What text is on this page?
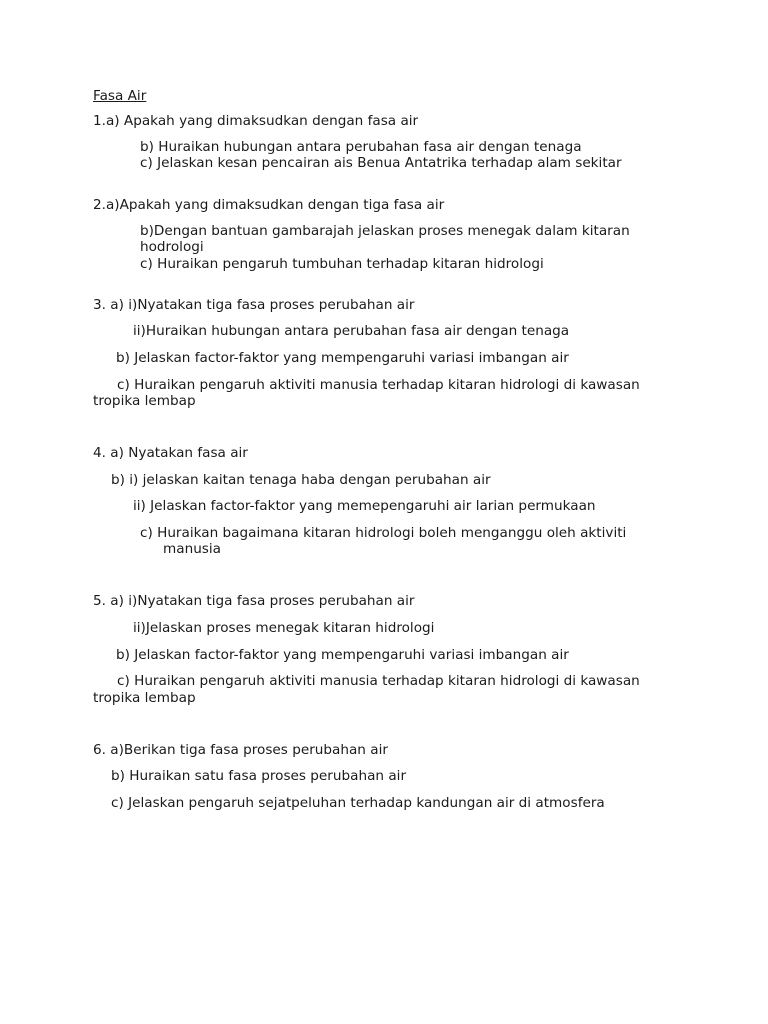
Fasa Air
1.a) Apakah yang dimaksudkan dengan fasa air
b) Huraikan hubungan antara perubahan fasa air dengan tenaga
c) Jelaskan kesan pencairan ais Benua Antatrika terhadap alam sekitar
2.a)Apakah yang dimaksudkan dengan tiga fasa air
b)Dengan bantuan gambarajah jelaskan proses menegak dalam kitaran
hodrologi
c) Huraikan pengaruh tumbuhan terhadap kitaran hidrologi
3. a) i)Nyatakan tiga fasa proses perubahan air
ii)Huraikan hubungan antara perubahan fasa air dengan tenaga
b) Jelaskan factor-faktor yang mempengaruhi variasi imbangan air
c) Huraikan pengaruh aktiviti manusia terhadap kitaran hidrologi di kawasan
tropika lembap
4. a) Nyatakan fasa air
b) i) jelaskan kaitan tenaga haba dengan perubahan air
ii) Jelaskan factor-faktor yang memepengaruhi air larian permukaan
c) Huraikan bagaimana kitaran hidrologi boleh menganggu oleh aktiviti
manusia
5. a) i)Nyatakan tiga fasa proses perubahan air
ii)Jelaskan proses menegak kitaran hidrologi
b) Jelaskan factor-faktor yang mempengaruhi variasi imbangan air
c) Huraikan pengaruh aktiviti manusia terhadap kitaran hidrologi di kawasan
tropika lembap
6. a)Berikan tiga fasa proses perubahan air
b) Huraikan satu fasa proses perubahan air
c) Jelaskan pengaruh sejatpeluhan terhadap kandungan air di atmosfera
